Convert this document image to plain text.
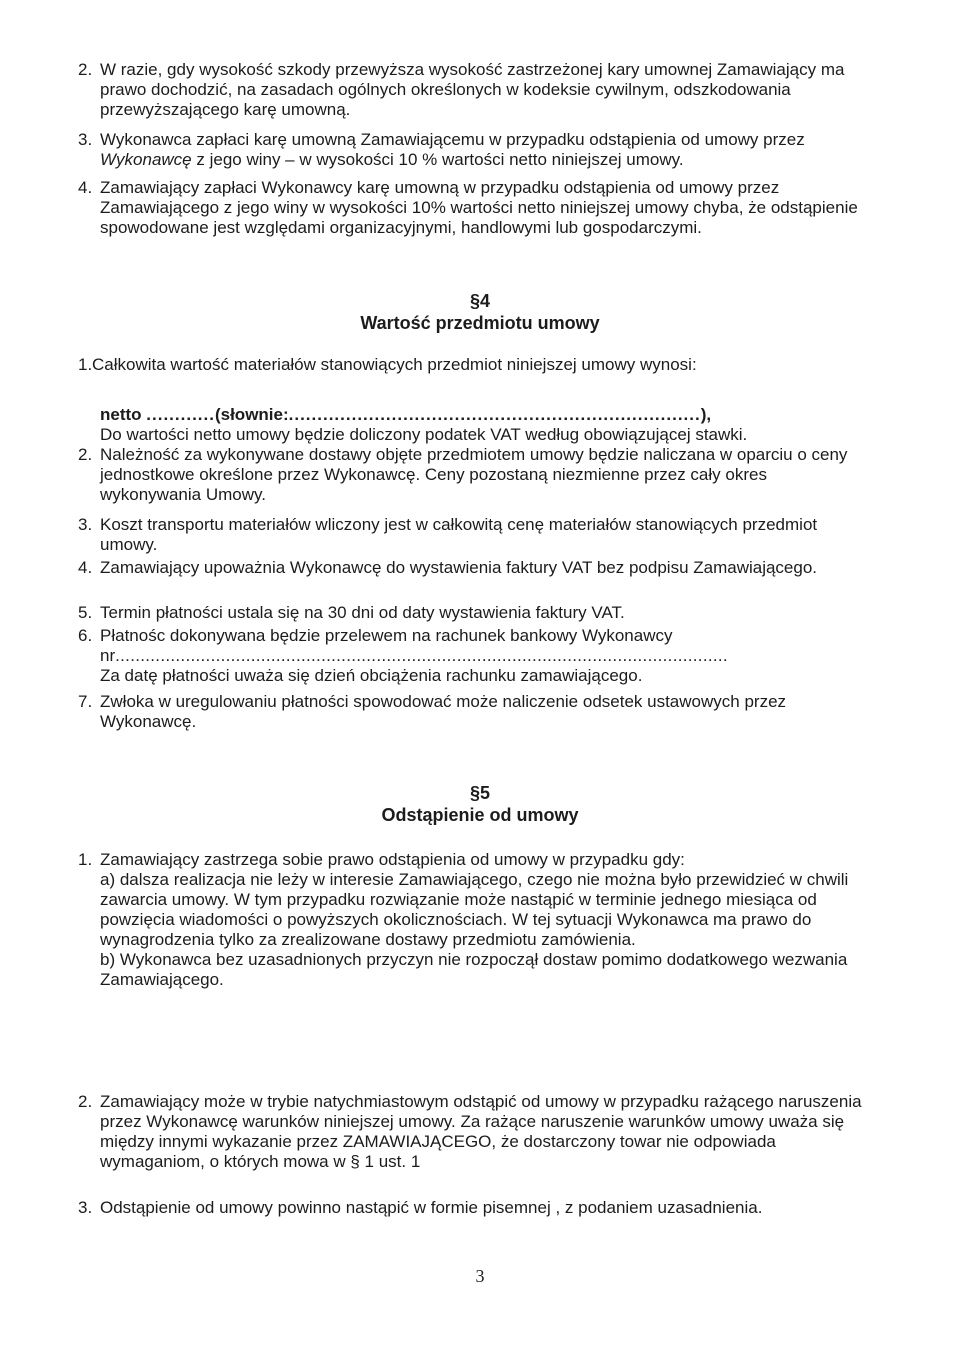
2. W razie, gdy wysokość szkody przewyższa wysokość zastrzeżonej kary umownej Zamawiający ma prawo dochodzić, na zasadach ogólnych określonych w kodeksie cywilnym, odszkodowania przewyższającego karę umowną.
3. Wykonawca zapłaci karę umowną Zamawiającemu w przypadku odstąpienia od umowy przez Wykonawcę z jego winy – w wysokości 10 % wartości netto niniejszej umowy.
4. Zamawiający zapłaci Wykonawcy karę umowną w przypadku odstąpienia od umowy przez Zamawiającego z jego winy w wysokości 10% wartości netto niniejszej umowy chyba, że odstąpienie spowodowane jest względami organizacyjnymi, handlowymi lub gospodarczymi.
§4
Wartość przedmiotu umowy
1. Całkowita wartość materiałów stanowiących przedmiot niniejszej umowy wynosi:
netto ............(słownie:........................................................................),
Do wartości netto umowy będzie doliczony podatek VAT według obowiązującej stawki.
2. Należność za wykonywane dostawy objęte przedmiotem umowy będzie naliczana w oparciu o ceny jednostkowe określone przez Wykonawcę. Ceny pozostaną niezmienne przez cały okres wykonywania Umowy.
3. Koszt transportu materiałów wliczony jest w całkowitą cenę materiałów stanowiących przedmiot umowy.
4. Zamawiający upoważnia Wykonawcę do wystawienia faktury VAT bez podpisu Zamawiającego.
5. Termin płatności ustala się na 30 dni od daty wystawienia faktury VAT.
6. Płatnośc dokonywana będzie przelewem na rachunek bankowy Wykonawcy
nr..........................................................................................................................
Za datę płatności uważa się dzień obciążenia rachunku zamawiającego.
7. Zwłoka w uregulowaniu płatności spowodować może naliczenie odsetek ustawowych przez Wykonawcę.
§5
Odstąpienie od umowy
1. Zamawiający zastrzega sobie prawo odstąpienia od umowy w przypadku gdy:
a) dalsza realizacja nie leży w interesie Zamawiającego, czego nie można było przewidzieć w chwili zawarcia umowy. W tym przypadku rozwiązanie może nastąpić w terminie jednego miesiąca od powzięcia wiadomości o powyższych okolicznościach. W tej sytuacji Wykonawca ma prawo do wynagrodzenia tylko za zrealizowane dostawy przedmiotu zamówienia.
b) Wykonawca bez uzasadnionych przyczyn nie rozpoczął dostaw pomimo dodatkowego wezwania Zamawiającego.
2. Zamawiający może w trybie natychmiastowym odstąpić od umowy w przypadku rażącego naruszenia przez Wykonawcę warunków niniejszej umowy. Za rażące naruszenie warunków umowy uważa się między innymi wykazanie przez ZAMAWIAJĄCEGO, że dostarczony towar nie odpowiada wymaganiom, o których mowa w § 1 ust. 1
3. Odstąpienie od umowy powinno nastąpić w formie pisemnej , z podaniem uzasadnienia.
3
